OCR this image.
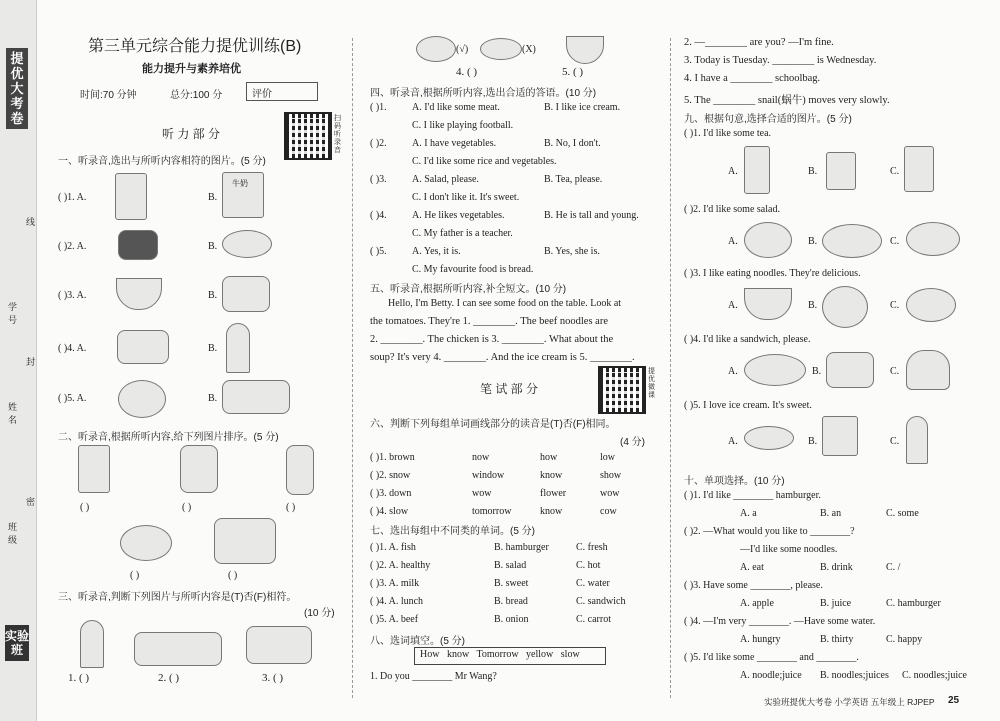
提优大考卷
班级
姓名
学号
线
封
密
实验班
第三单元综合能力提优训练(B)
能力提升与素养培优
时间:70 分钟	总分:100 分	评价
听 力 部 分
扫码听录音
一、听录音,选出与所听内容相符的图片。(5 分)
( )1. A.	B.
牛奶
( )2. A.	B.
( )3. A.	B.
( )4. A.	B.
( )5. A.	B.
二、听录音,根据所听内容,给下列图片排序。(5 分)
( )	( )	( )
( )	( )
三、听录音,判断下列图片与所听内容是(T)否(F)相符。
(10 分)
1. ( )	2. ( )	3. ( )
(√)	(X)
4. ( )	5. ( )
四、听录音,根据所听内容,选出合适的答语。(10 分)
( )1.	A. I'd like some meat.	B. I like ice cream.
C. I like playing football.
( )2.	A. I have vegetables.	B. No, I don't.
C. I'd like some rice and vegetables.
( )3.	A. Salad, please.	B. Tea, please.
C. I don't like it. It's sweet.
( )4.	A. He likes vegetables.	B. He is tall and young.
C. My father is a teacher.
( )5.	A. Yes, it is.	B. Yes, she is.
C. My favourite food is bread.
五、听录音,根据所听内容,补全短文。(10 分)
Hello, I'm Betty. I can see some food on the table. Look at
the tomatoes. They're 1. ________. The beef noodles are
2. ________. The chicken is 3. ________. What about the
soup? It's very 4. ________. And the ice cream is 5. ________.
笔 试 部 分
提优微课
六、判断下列每组单词画线部分的读音是(T)否(F)相同。
(4 分)
( )1. brown	now	how	low
( )2. snow	window	know	show
( )3. down	wow	flower	wow
( )4. slow	tomorrow	know	cow
七、选出每组中不同类的单词。(5 分)
( )1. A. fish	B. hamburger	C. fresh
( )2. A. healthy	B. salad	C. hot
( )3. A. milk	B. sweet	C. water
( )4. A. lunch	B. bread	C. sandwich
( )5. A. beef	B. onion	C. carrot
八、选词填空。(5 分)
How   know   Tomorrow   yellow   slow
1. Do you ________ Mr Wang?
2. —________ are you? —I'm fine.
3. Today is Tuesday. ________ is Wednesday.
4. I have a ________ schoolbag.
5. The ________ snail(蜗牛) moves very slowly.
九、根据句意,选择合适的图片。(5 分)
( )1. I'd like some tea.
A.	B.	C.
( )2. I'd like some salad.
A.	B.	C.
( )3. I like eating noodles. They're delicious.
A.	B.	C.
( )4. I'd like a sandwich, please.
A.	B.	C.
( )5. I love ice cream. It's sweet.
A.	B.	C.
十、单项选择。(10 分)
( )1. I'd like ________ hamburger.
A. a	B. an	C. some
( )2. —What would you like to ________?
—I'd like some noodles.
A. eat	B. drink	C. /
( )3. Have some ________, please.
A. apple	B. juice	C. hamburger
( )4. —I'm very ________. —Have some water.
A. hungry	B. thirty	C. happy
( )5. I'd like some ________ and ________.
A. noodle;juice B. noodles;juices C. noodles;juice
实验班提优大考卷 小学英语 五年级上 RJPEP 25
